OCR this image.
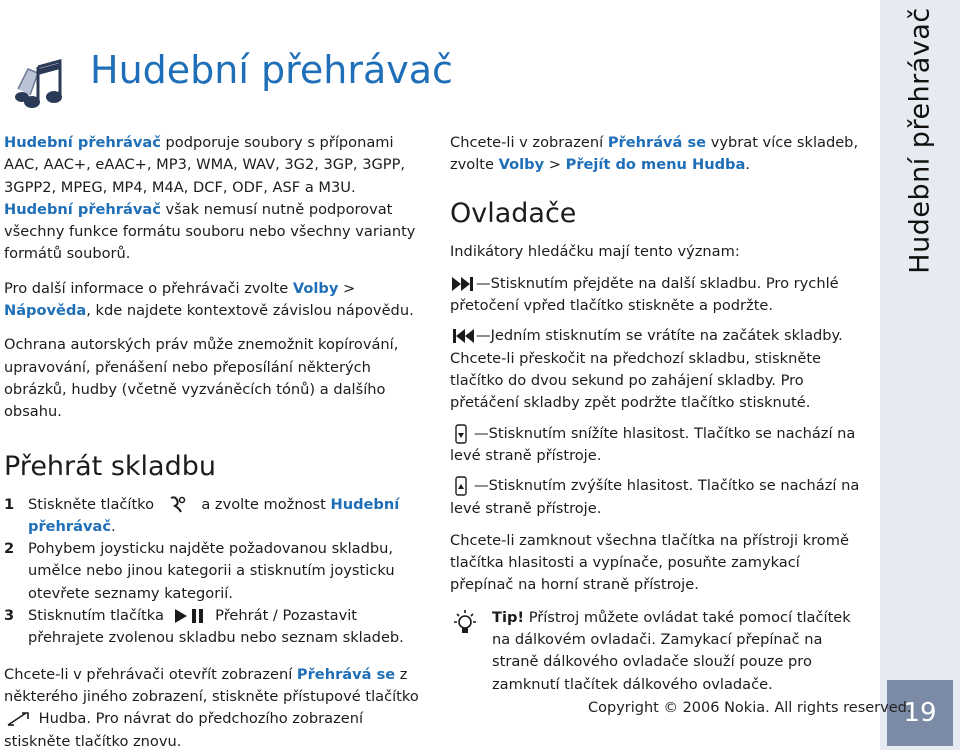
Hudební přehrávač
19
Hudební přehrávač

Hudební přehrávač podporuje soubory s příponami AAC, AAC+, eAAC+, MP3, WMA, WAV, 3G2, 3GP, 3GPP, 3GPP2, MPEG, MP4, M4A, DCF, ODF, ASF a M3U. Hudební přehrávač však nemusí nutně podporovat všechny funkce formátu souboru nebo všechny varianty formátů souborů.

Pro další informace o přehrávači zvolte Volby > Nápověda, kde najdete kontextově závislou nápovědu.

Ochrana autorských práv může znemožnit kopírování, upravování, přenášení nebo přeposílání některých obrázků, hudby (včetně vyzváněcích tónů) a dalšího obsahu.

Přehrát skladbu
1 Stiskněte tlačítko	a zvolte možnost Hudební přehrávač.
2 Pohybem joysticku najděte požadovanou skladbu, umělce nebo jinou kategorii a stisknutím joysticku otevřete seznamy kategorií.
3 Stisknutím tlačítka	Přehrát / Pozastavit přehrajete zvolenou skladbu nebo seznam skladeb.

Chcete-li v přehrávači otevřít zobrazení Přehrává se z některého jiného zobrazení, stiskněte přístupové tlačítko  Hudba. Pro návrat do předchozího zobrazení stiskněte tlačítko znovu.

Chcete-li v zobrazení Přehrává se vybrat více skladeb, zvolte Volby > Přejít do menu Hudba.

Ovladače

Indikátory hledáčku mají tento význam:

—Stisknutím přejděte na další skladbu. Pro rychlé přetočení vpřed tlačítko stiskněte a podržte.

—Jedním stisknutím se vrátíte na začátek skladby. Chcete-li přeskočit na předchozí skladbu, stiskněte tlačítko do dvou sekund po zahájení skladby. Pro přetáčení skladby zpět podržte tlačítko stisknuté.

—Stisknutím snížíte hlasitost. Tlačítko se nachází na levé straně přístroje.

—Stisknutím zvýšíte hlasitost. Tlačítko se nachází na levé straně přístroje.

Chcete-li zamknout všechna tlačítka na přístroji kromě tlačítka hlasitosti a vypínače, posuňte zamykací přepínač na horní straně přístroje.

Tip! Přístroj můžete ovládat také pomocí tlačítek na dálkovém ovladači. Zamykací přepínač na straně dálkového ovladače slouží pouze pro zamknutí tlačítek dálkového ovladače.

Copyright © 2006 Nokia. All rights reserved.
